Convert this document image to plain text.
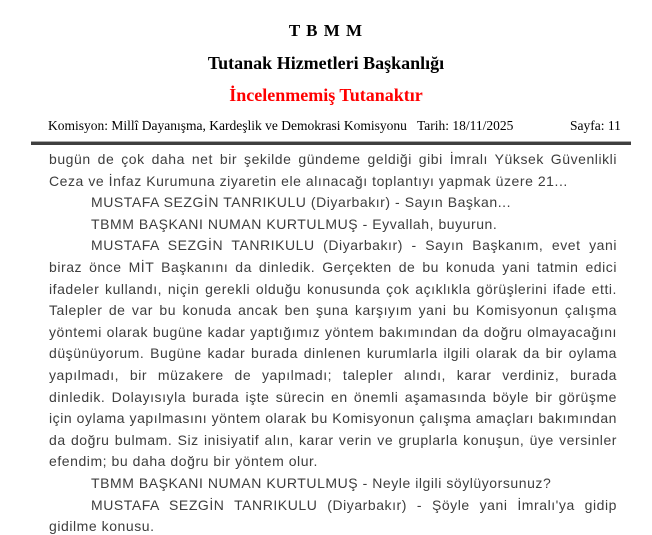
T B M M
Tutanak Hizmetleri Başkanlığı
İncelenmemiş Tutanaktır
Komisyon: Millî Dayanışma, Kardeşlik ve Demokrasi Komisyonu Tarih: 18/11/2025	Sayfa: 11

bugün de çok daha net bir şekilde gündeme geldiği gibi İmralı Yüksek Güvenlikli Ceza ve İnfaz Kurumuna ziyaretin ele alınacağı toplantıyı yapmak üzere 21...

MUSTAFA SEZGİN TANRIKULU (Diyarbakır) - Sayın Başkan...

TBMM BAŞKANI NUMAN KURTULMUŞ - Eyvallah, buyurun.

MUSTAFA SEZGİN TANRIKULU (Diyarbakır) - Sayın Başkanım, evet yani biraz önce MİT Başkanını da dinledik. Gerçekten de bu konuda yani tatmin edici ifadeler kullandı, niçin gerekli olduğu konusunda çok açıklıkla görüşlerini ifade etti. Talepler de var bu konuda ancak ben şuna karşıyım yani bu Komisyonun çalışma yöntemi olarak bugüne kadar yaptığımız yöntem bakımından da doğru olmayacağını düşünüyorum. Bugüne kadar burada dinlenen kurumlarla ilgili olarak da bir oylama yapılmadı, bir müzakere de yapılmadı; talepler alındı, karar verdiniz, burada dinledik. Dolayısıyla burada işte sürecin en önemli aşamasında böyle bir görüşme için oylama yapılmasını yöntem olarak bu Komisyonun çalışma amaçları bakımından da doğru bulmam. Siz inisiyatif alın, karar verin ve gruplarla konuşun, üye versinler efendim; bu daha doğru bir yöntem olur.

TBMM BAŞKANI NUMAN KURTULMUŞ - Neyle ilgili söylüyorsunuz?

MUSTAFA SEZGİN TANRIKULU (Diyarbakır) - Şöyle yani İmralı'ya gidip gidilme konusu.
